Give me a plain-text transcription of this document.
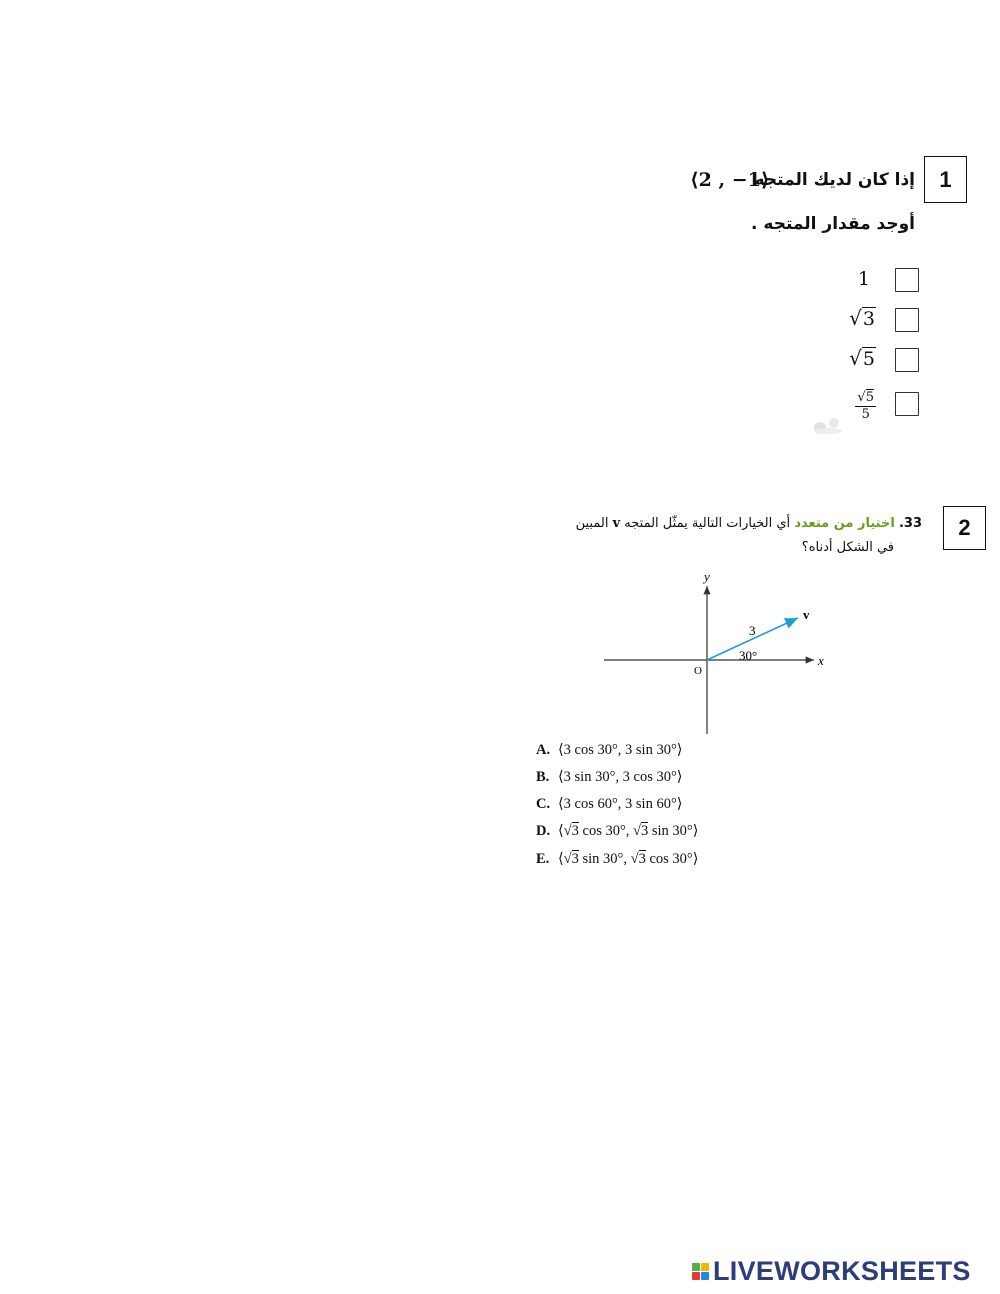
1
إذا كان لديك المتجه
⟨2 , −1⟩
أوجد مقدار المتجه .
1
√3
√5
$\frac{√5}{5}$
2
33. اختيار من متعدد أي الخيارات التالية يمثّل المتجه v المبين
في الشكل أدناه؟
y
x
O
v
3
30°
A. ⟨3 cos 30°, 3 sin 30°⟩
B. ⟨3 sin 30°, 3 cos 30°⟩
C. ⟨3 cos 60°, 3 sin 60°⟩
D. ⟨√3 cos 30°, √3 sin 30°⟩
E. ⟨√3 sin 30°, √3 cos 30°⟩
LIVEWORKSHEETS
